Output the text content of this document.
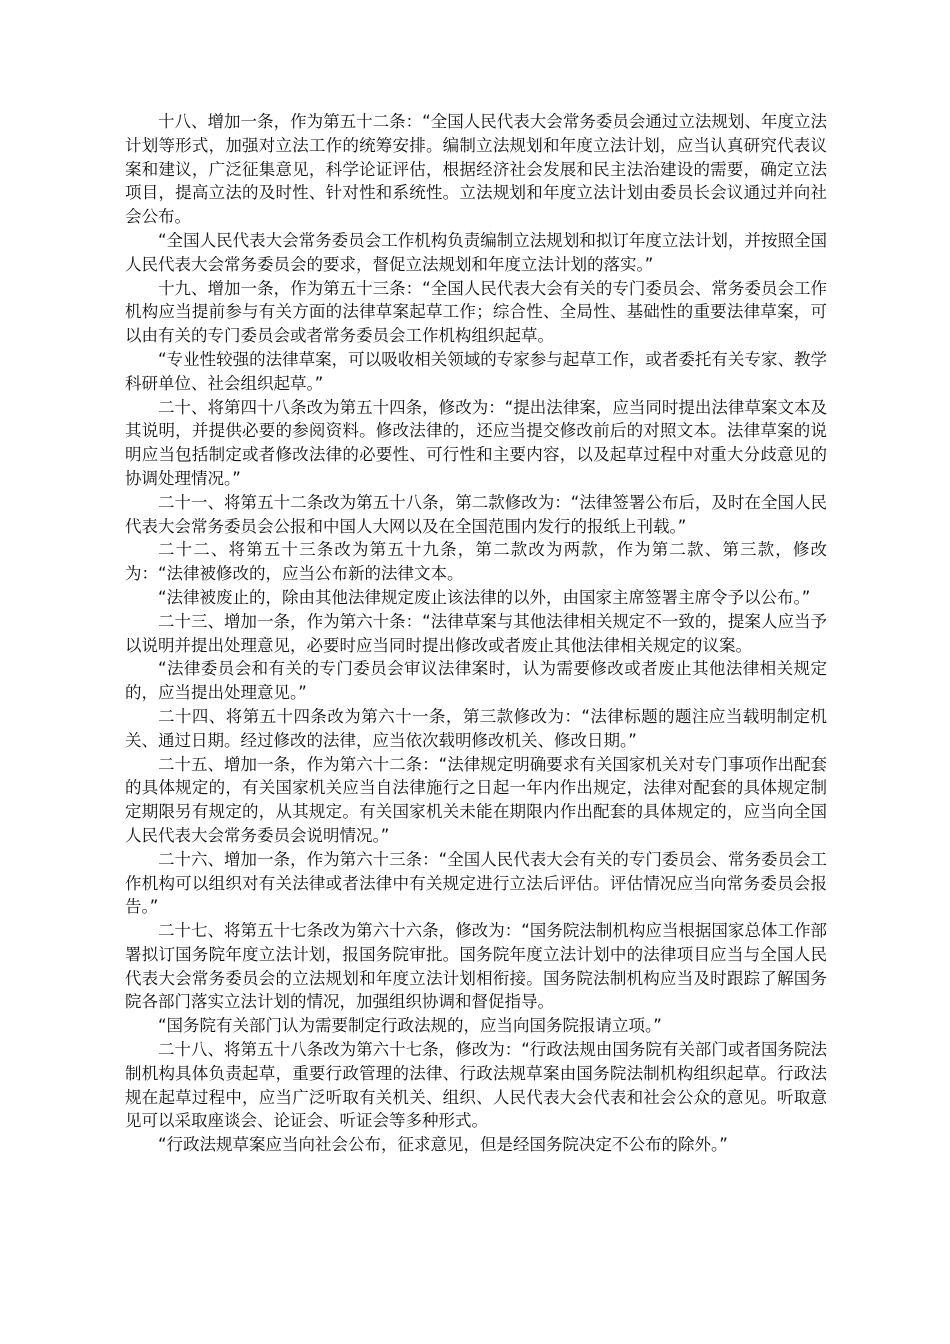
十八、增加一条，作为第五十二条：“全国人民代表大会常务委员会通过立法规划、年度立法计划等形式，加强对立法工作的统筹安排。编制立法规划和年度立法计划，应当认真研究代表议案和建议，广泛征集意见，科学论证评估，根据经济社会发展和民主法治建设的需要，确定立法项目，提高立法的及时性、针对性和系统性。立法规划和年度立法计划由委员长会议通过并向社会公布。

“全国人民代表大会常务委员会工作机构负责编制立法规划和拟订年度立法计划，并按照全国人民代表大会常务委员会的要求，督促立法规划和年度立法计划的落实。”

十九、增加一条，作为第五十三条：“全国人民代表大会有关的专门委员会、常务委员会工作机构应当提前参与有关方面的法律草案起草工作；综合性、全局性、基础性的重要法律草案，可以由有关的专门委员会或者常务委员会工作机构组织起草。

“专业性较强的法律草案，可以吸收相关领域的专家参与起草工作，或者委托有关专家、教学科研单位、社会组织起草。”

二十、将第四十八条改为第五十四条，修改为：“提出法律案，应当同时提出法律草案文本及其说明，并提供必要的参阅资料。修改法律的，还应当提交修改前后的对照文本。法律草案的说明应当包括制定或者修改法律的必要性、可行性和主要内容，以及起草过程中对重大分歧意见的协调处理情况。”

二十一、将第五十二条改为第五十八条，第二款修改为：“法律签署公布后，及时在全国人民代表大会常务委员会公报和中国人大网以及在全国范围内发行的报纸上刊载。”

二十二、将第五十三条改为第五十九条，第二款改为两款，作为第二款、第三款，修改为：“法律被修改的，应当公布新的法律文本。

“法律被废止的，除由其他法律规定废止该法律的以外，由国家主席签署主席令予以公布。”

二十三、增加一条，作为第六十条：“法律草案与其他法律相关规定不一致的，提案人应当予以说明并提出处理意见，必要时应当同时提出修改或者废止其他法律相关规定的议案。

“法律委员会和有关的专门委员会审议法律案时，认为需要修改或者废止其他法律相关规定的，应当提出处理意见。”

二十四、将第五十四条改为第六十一条，第三款修改为：“法律标题的题注应当载明制定机关、通过日期。经过修改的法律，应当依次载明修改机关、修改日期。”

二十五、增加一条，作为第六十二条：“法律规定明确要求有关国家机关对专门事项作出配套的具体规定的，有关国家机关应当自法律施行之日起一年内作出规定，法律对配套的具体规定制定期限另有规定的，从其规定。有关国家机关未能在期限内作出配套的具体规定的，应当向全国人民代表大会常务委员会说明情况。”

二十六、增加一条，作为第六十三条：“全国人民代表大会有关的专门委员会、常务委员会工作机构可以组织对有关法律或者法律中有关规定进行立法后评估。评估情况应当向常务委员会报告。”

二十七、将第五十七条改为第六十六条，修改为：“国务院法制机构应当根据国家总体工作部署拟订国务院年度立法计划，报国务院审批。国务院年度立法计划中的法律项目应当与全国人民代表大会常务委员会的立法规划和年度立法计划相衔接。国务院法制机构应当及时跟踪了解国务院各部门落实立法计划的情况，加强组织协调和督促指导。

“国务院有关部门认为需要制定行政法规的，应当向国务院报请立项。”

二十八、将第五十八条改为第六十七条，修改为：“行政法规由国务院有关部门或者国务院法制机构具体负责起草，重要行政管理的法律、行政法规草案由国务院法制机构组织起草。行政法规在起草过程中，应当广泛听取有关机关、组织、人民代表大会代表和社会公众的意见。听取意见可以采取座谈会、论证会、听证会等多种形式。

“行政法规草案应当向社会公布，征求意见，但是经国务院决定不公布的除外。”
